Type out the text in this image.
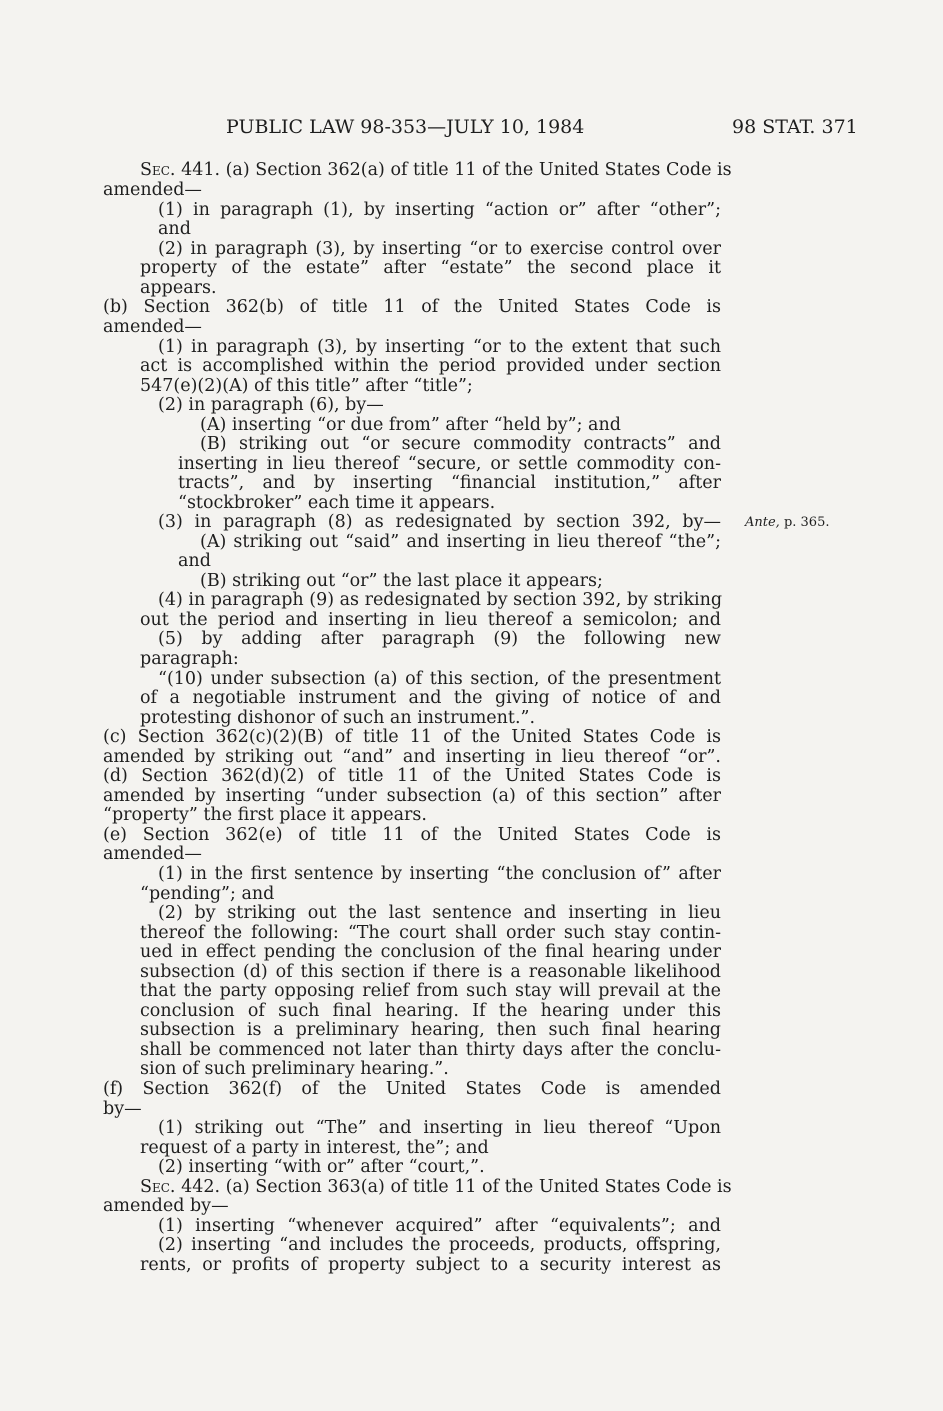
PUBLIC LAW 98-353—JULY 10, 1984	98 STAT. 371
Ante, p. 365.
Sec. 441. (a) Section 362(a) of title 11 of the United States Code is
amended—
(1) in paragraph (1), by inserting “action or” after “other”;
and
(2) in paragraph (3), by inserting “or to exercise control over
property of the estate” after “estate” the second place it
appears.
(b) Section 362(b) of title 11 of the United States Code is
amended—
(1) in paragraph (3), by inserting “or to the extent that such
act is accomplished within the period provided under section
547(e)(2)(A) of this title” after “title”;
(2) in paragraph (6), by—
(A) inserting “or due from” after “held by”; and
(B) striking out “or secure commodity contracts” and
inserting in lieu thereof “secure, or settle commodity con-
tracts”, and by inserting “financial institution,” after
“stockbroker” each time it appears.
(3) in paragraph (8) as redesignated by section 392, by—
(A) striking out “said” and inserting in lieu thereof “the”;
and
(B) striking out “or” the last place it appears;
(4) in paragraph (9) as redesignated by section 392, by striking
out the period and inserting in lieu thereof a semicolon; and
(5) by adding after paragraph (9) the following new
paragraph:
“(10) under subsection (a) of this section, of the presentment
of a negotiable instrument and the giving of notice of and
protesting dishonor of such an instrument.”.
(c) Section 362(c)(2)(B) of title 11 of the United States Code is
amended by striking out “and” and inserting in lieu thereof “or”.
(d) Section 362(d)(2) of title 11 of the United States Code is
amended by inserting “under subsection (a) of this section” after
“property” the first place it appears.
(e) Section 362(e) of title 11 of the United States Code is
amended—
(1) in the first sentence by inserting “the conclusion of” after
“pending”; and
(2) by striking out the last sentence and inserting in lieu
thereof the following: “The court shall order such stay contin-
ued in effect pending the conclusion of the final hearing under
subsection (d) of this section if there is a reasonable likelihood
that the party opposing relief from such stay will prevail at the
conclusion of such final hearing. If the hearing under this
subsection is a preliminary hearing, then such final hearing
shall be commenced not later than thirty days after the conclu-
sion of such preliminary hearing.”.
(f) Section 362(f) of the United States Code is amended
by—
(1) striking out “The” and inserting in lieu thereof “Upon
request of a party in interest, the”; and
(2) inserting “with or” after “court,”.
Sec. 442. (a) Section 363(a) of title 11 of the United States Code is
amended by—
(1) inserting “whenever acquired” after “equivalents”; and
(2) inserting “and includes the proceeds, products, offspring,
rents, or profits of property subject to a security interest as
